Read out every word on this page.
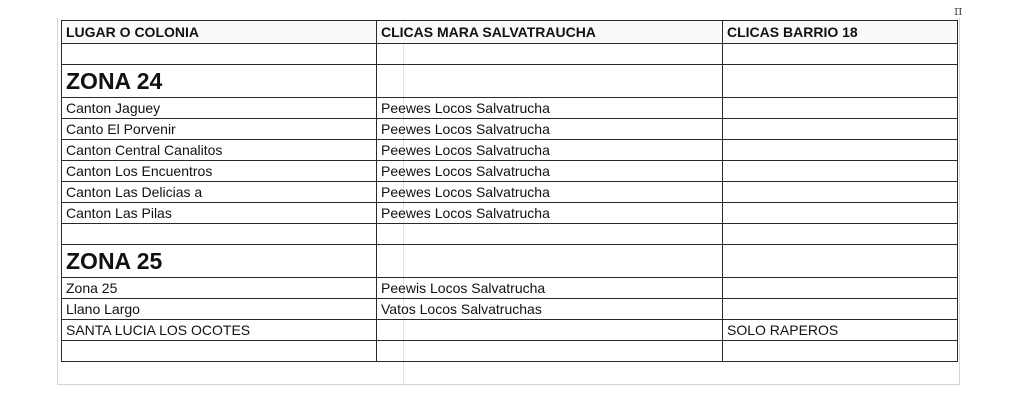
π
LUGAR O COLONIA	CLICAS MARA SALVATRAUCHA	CLICAS BARRIO 18

ZONA 24		
Canton Jaguey	Peewes Locos Salvatrucha	
Canto El Porvenir	Peewes Locos Salvatrucha	
Canton Central Canalitos	Peewes Locos Salvatrucha	
Canton Los Encuentros	Peewes Locos Salvatrucha	
Canton Las Delicias a	Peewes Locos Salvatrucha	
Canton Las Pilas	Peewes Locos Salvatrucha	

ZONA 25		
Zona 25	Peewis Locos Salvatrucha	
Llano Largo	Vatos Locos Salvatruchas	
SANTA LUCIA LOS OCOTES		SOLO RAPEROS
